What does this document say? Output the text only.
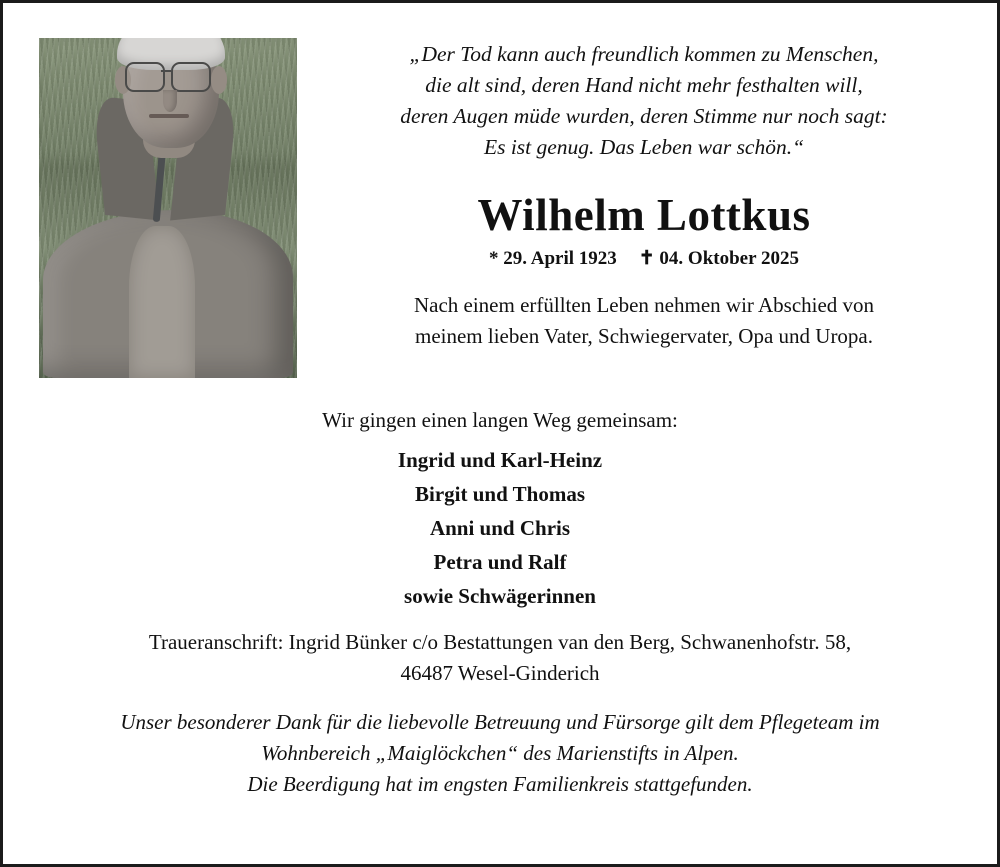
„Der Tod kann auch freundlich kommen zu Menschen,
die alt sind, deren Hand nicht mehr festhalten will,
deren Augen müde wurden, deren Stimme nur noch sagt:
Es ist genug. Das Leben war schön.“
Wilhelm Lottkus
* 29. April 1923 ✝ 04. Oktober 2025

Nach einem erfüllten Leben nehmen wir Abschied von

meinem lieben Vater, Schwiegervater, Opa und Uropa.

Wir gingen einen langen Weg gemeinsam:
Ingrid und Karl-Heinz
Birgit und Thomas
Anni und Chris
Petra und Ralf
sowie Schwägerinnen
Traueranschrift: Ingrid Bünker c/o Bestattungen van den Berg, Schwanenhofstr. 58,
46487 Wesel-Ginderich
Unser besonderer Dank für die liebevolle Betreuung und Fürsorge gilt dem Pflegeteam im
Wohnbereich „Maiglöckchen“ des Marienstifts in Alpen.
Die Beerdigung hat im engsten Familienkreis stattgefunden.
